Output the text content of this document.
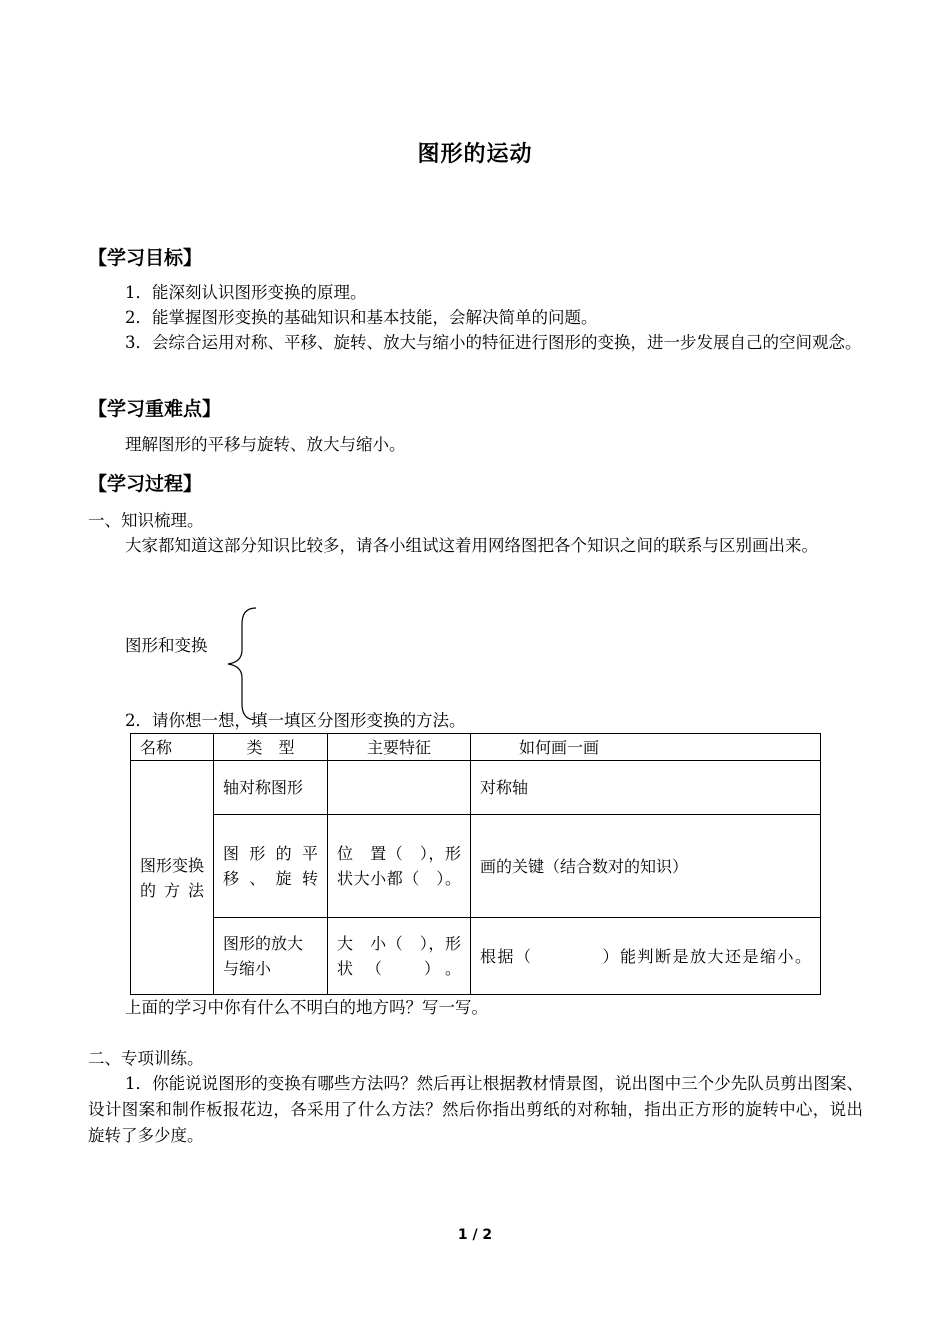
图形的运动
【学习目标】
1．能深刻认识图形变换的原理。
2．能掌握图形变换的基础知识和基本技能，会解决简单的问题。
3．会综合运用对称、平移、旋转、放大与缩小的特征进行图形的变换，进一步发展自己的空间观念。
【学习重难点】
理解图形的平移与旋转、放大与缩小。
【学习过程】
一、知识梳理。
大家都知道这部分知识比较多，请各小组试这着用网络图把各个知识之间的联系与区别画出来。
图形和变换
2．请你想一想，填一填区分图形变换的方法。
名称	类　型	主要特征	如何画一画
图形变换的方法	轴对称图形		对称轴
	图形的平移、旋转	位　置（　），形状大小都（　）。	画的关键（结合数对的知识）
	图形的放大与缩小	大　小（　），形状（　）。	根据（　　　　）能判断是放大还是缩小。
上面的学习中你有什么不明白的地方吗？写一写。
二、专项训练。
1．你能说说图形的变换有哪些方法吗？然后再让根据教材情景图，说出图中三个少先队员剪出图案、设计图案和制作板报花边，各采用了什么方法？然后你指出剪纸的对称轴，指出正方形的旋转中心，说出旋转了多少度。
1 / 2
